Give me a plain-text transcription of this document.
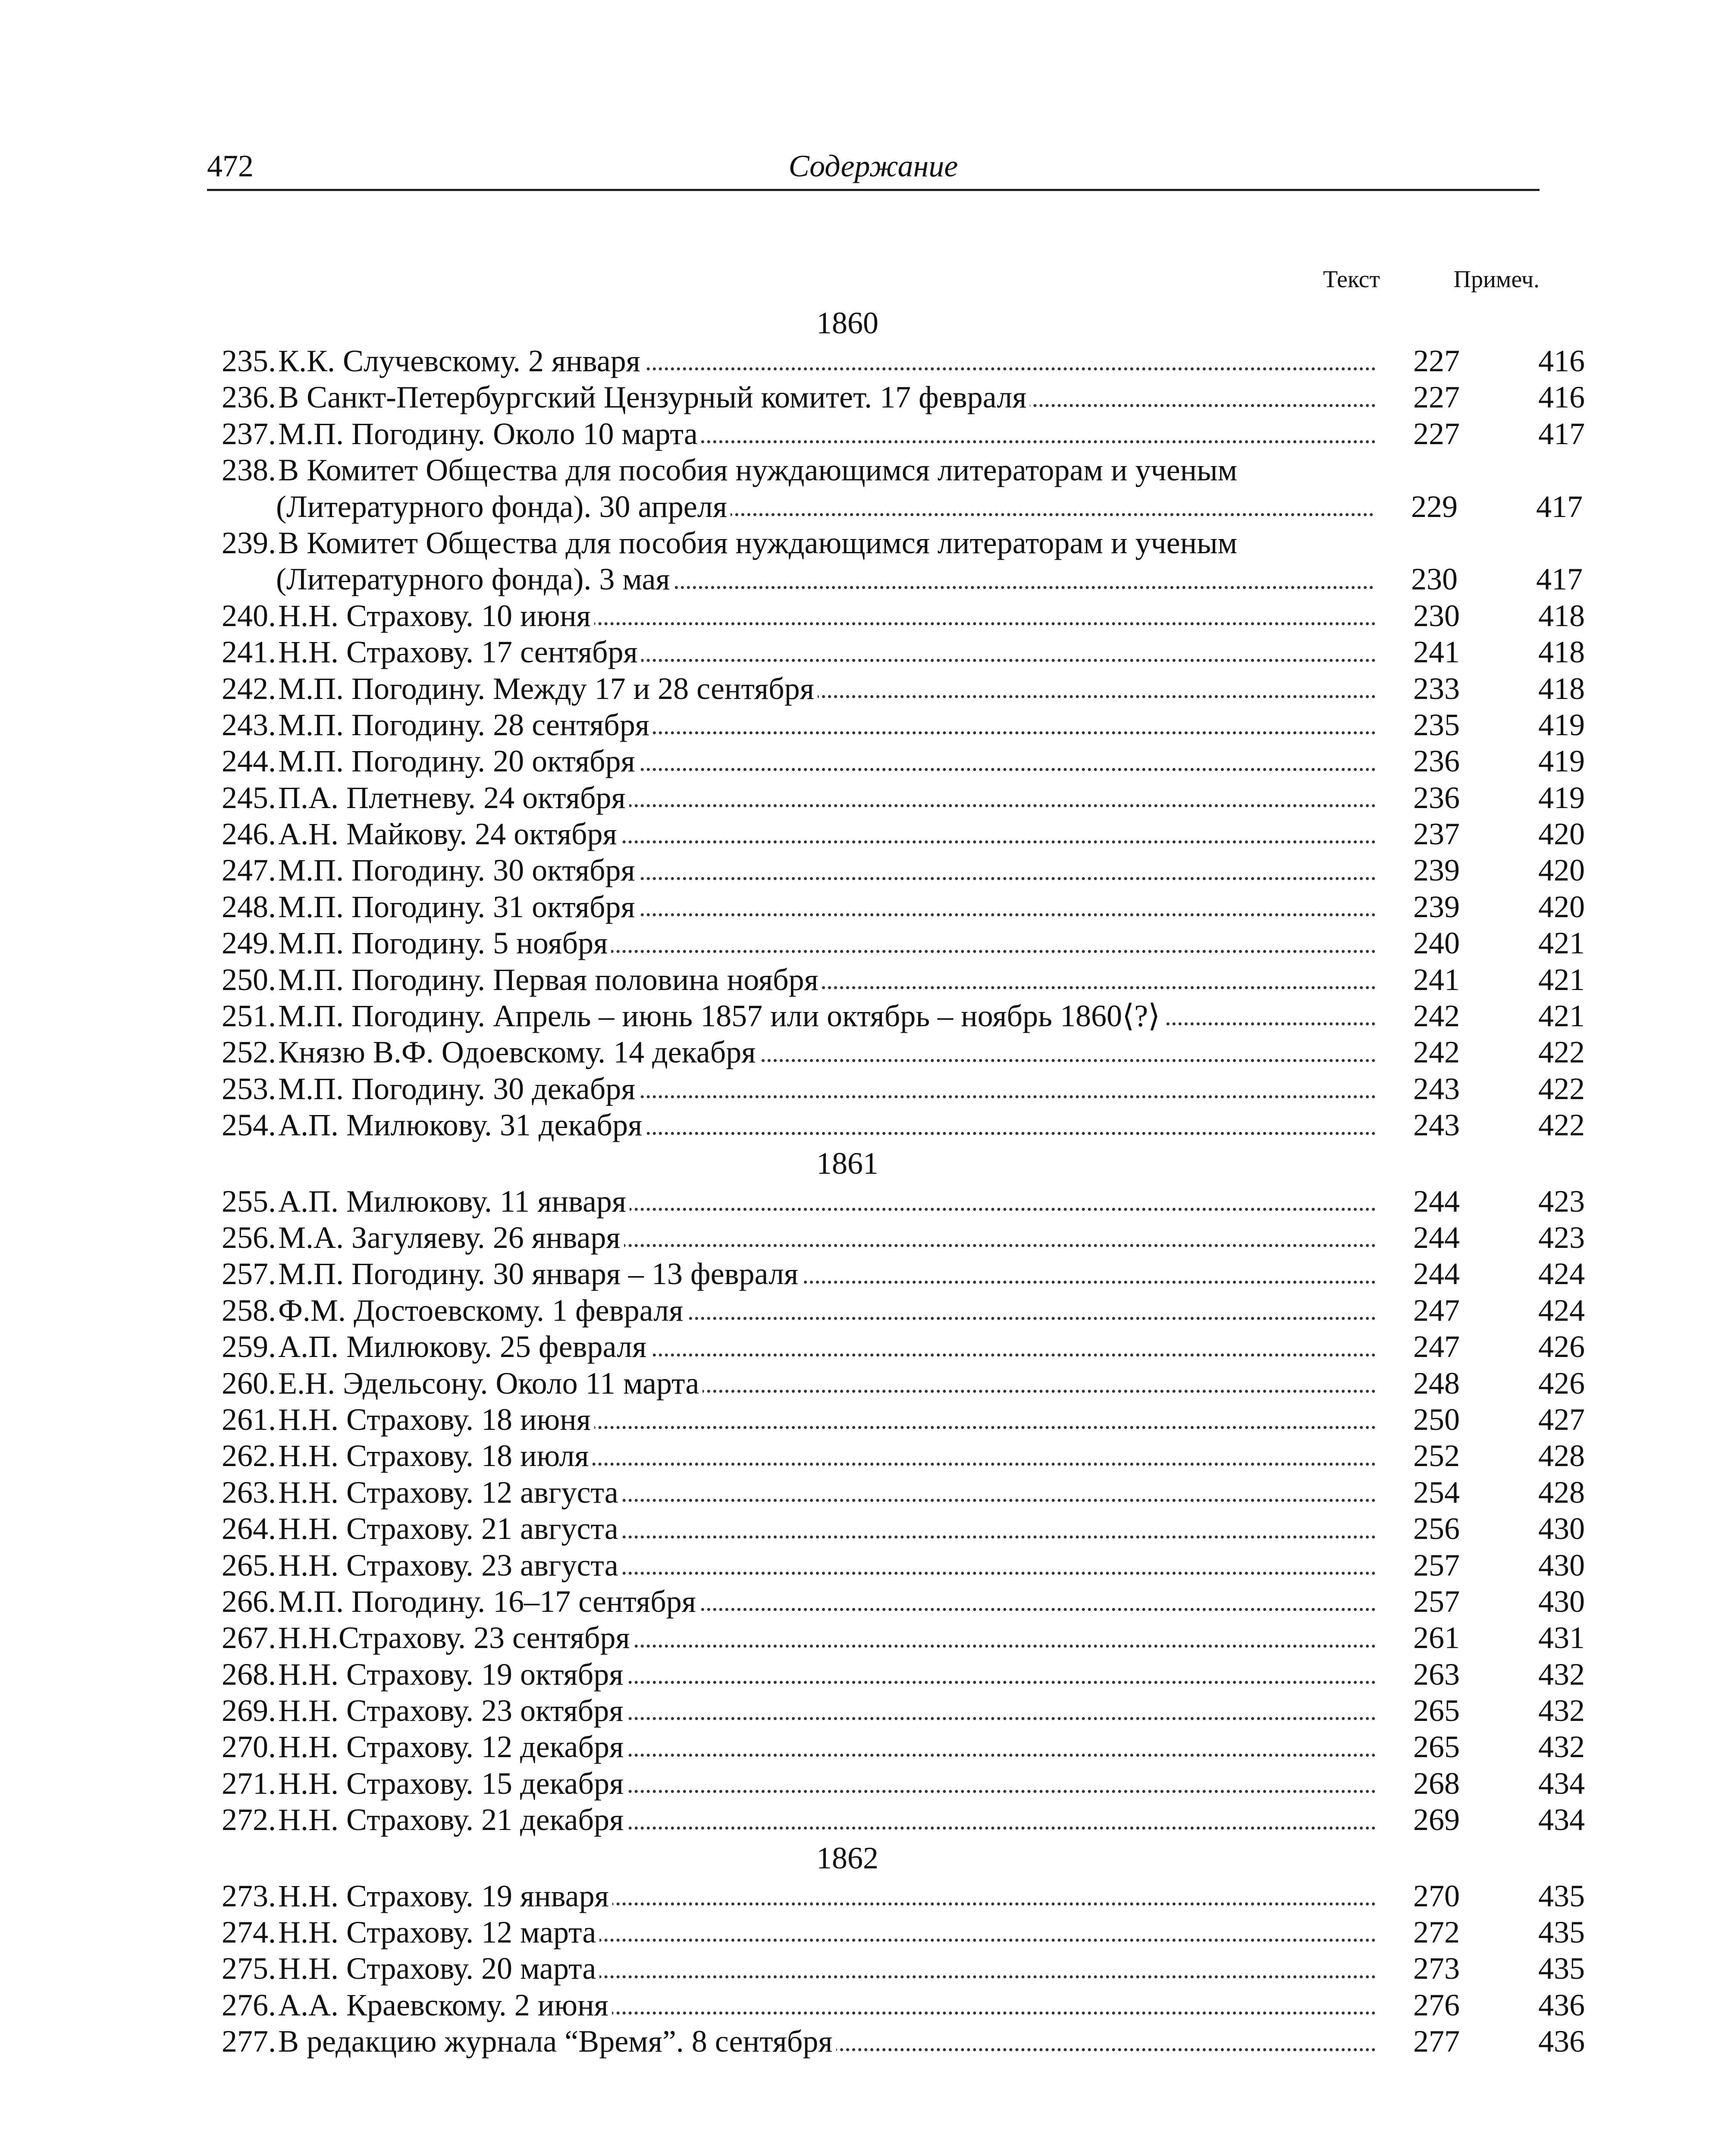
472	Содержание
Текст	Примеч.
1860
235. К.К. Случевскому. 2 января	227	416
236. В Санкт-Петербургский Цензурный комитет. 17 февраля	227	416
237. М.П. Погодину. Около 10 марта	227	417
238. В Комитет Общества для пособия нуждающимся литераторам и ученым
(Литературного фонда). 30 апреля	229	417
239. В Комитет Общества для пособия нуждающимся литераторам и ученым
(Литературного фонда). 3 мая	230	417
240. Н.Н. Страхову. 10 июня	230	418
241. Н.Н. Страхову. 17 сентября	241	418
242. М.П. Погодину. Между 17 и 28 сентября	233	418
243. М.П. Погодину. 28 сентября	235	419
244. М.П. Погодину. 20 октября	236	419
245. П.А. Плетневу. 24 октября	236	419
246. А.Н. Майкову. 24 октября	237	420
247. М.П. Погодину. 30 октября	239	420
248. М.П. Погодину. 31 октября	239	420
249. М.П. Погодину. 5 ноября	240	421
250. М.П. Погодину. Первая половина ноября	241	421
251. М.П. Погодину. Апрель – июнь 1857 или октябрь – ноябрь 1860⟨?⟩	242	421
252. Князю В.Ф. Одоевскому. 14 декабря	242	422
253. М.П. Погодину. 30 декабря	243	422
254. А.П. Милюкову. 31 декабря	243	422
1861
255. А.П. Милюкову. 11 января	244	423
256. М.А. Загуляеву. 26 января	244	423
257. М.П. Погодину. 30 января – 13 февраля	244	424
258. Ф.М. Достоевскому. 1 февраля	247	424
259. А.П. Милюкову. 25 февраля	247	426
260. Е.Н. Эдельсону. Около 11 марта	248	426
261. Н.Н. Страхову. 18 июня	250	427
262. Н.Н. Страхову. 18 июля	252	428
263. Н.Н. Страхову. 12 августа	254	428
264. Н.Н. Страхову. 21 августа	256	430
265. Н.Н. Страхову. 23 августа	257	430
266. М.П. Погодину. 16–17 сентября	257	430
267. Н.Н.Страхову. 23 сентября	261	431
268. Н.Н. Страхову. 19 октября	263	432
269. Н.Н. Страхову. 23 октября	265	432
270. Н.Н. Страхову. 12 декабря	265	432
271. Н.Н. Страхову. 15 декабря	268	434
272. Н.Н. Страхову. 21 декабря	269	434
1862
273. Н.Н. Страхову. 19 января	270	435
274. Н.Н. Страхову. 12 марта	272	435
275. Н.Н. Страхову. 20 марта	273	435
276. А.А. Краевскому. 2 июня	276	436
277. В редакцию журнала “Время”. 8 сентября	277	436
